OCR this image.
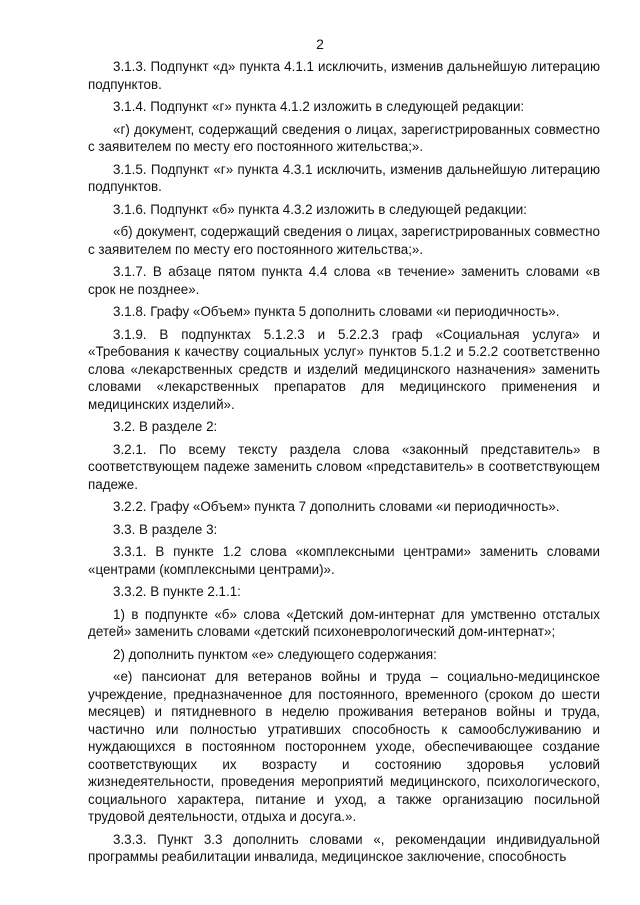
2

3.1.3. Подпункт «д» пункта 4.1.1 исключить, изменив дальнейшую литерацию подпунктов.

3.1.4. Подпункт «г» пункта 4.1.2 изложить в следующей редакции:

«г) документ, содержащий сведения о лицах, зарегистрированных совместно с заявителем по месту его постоянного жительства;».

3.1.5. Подпункт «г» пункта 4.3.1 исключить, изменив дальнейшую литерацию подпунктов.

3.1.6. Подпункт «б» пункта 4.3.2 изложить в следующей редакции:

«б) документ, содержащий сведения о лицах, зарегистрированных совместно с заявителем по месту его постоянного жительства;».

3.1.7. В абзаце пятом пункта 4.4 слова «в течение» заменить словами «в срок не позднее».

3.1.8. Графу «Объем» пункта 5 дополнить словами «и периодичность».

3.1.9. В подпунктах 5.1.2.3 и 5.2.2.3 граф «Социальная услуга» и «Требования к качеству социальных услуг» пунктов 5.1.2 и 5.2.2 соответственно слова «лекарственных средств и изделий медицинского назначения» заменить словами «лекарственных препаратов для медицинского применения и медицинских изделий».

3.2. В разделе 2:

3.2.1. По всему тексту раздела слова «законный представитель» в соответствующем падеже заменить словом «представитель» в соответствующем падеже.

3.2.2. Графу «Объем» пункта 7 дополнить словами «и периодичность».

3.3. В разделе 3:

3.3.1. В пункте 1.2 слова «комплексными центрами» заменить словами «центрами (комплексными центрами)».

3.3.2. В пункте 2.1.1:

1) в подпункте «б» слова «Детский дом-интернат для умственно отсталых детей» заменить словами «детский психоневрологический дом-интернат»;

2) дополнить пунктом «е» следующего содержания:

«е) пансионат для ветеранов войны и труда – социально-медицинское учреждение, предназначенное для постоянного, временного (сроком до шести месяцев) и пятидневного в неделю проживания ветеранов войны и труда, частично или полностью утративших способность к самообслуживанию и нуждающихся в постоянном постороннем уходе, обеспечивающее создание соответствующих их возрасту и состоянию здоровья условий жизнедеятельности, проведения мероприятий медицинского, психологического, социального характера, питание и уход, а также организацию посильной трудовой деятельности, отдыха и досуга.».

3.3.3. Пункт 3.3 дополнить словами «, рекомендации индивидуальной программы реабилитации инвалида, медицинское заключение, способность
